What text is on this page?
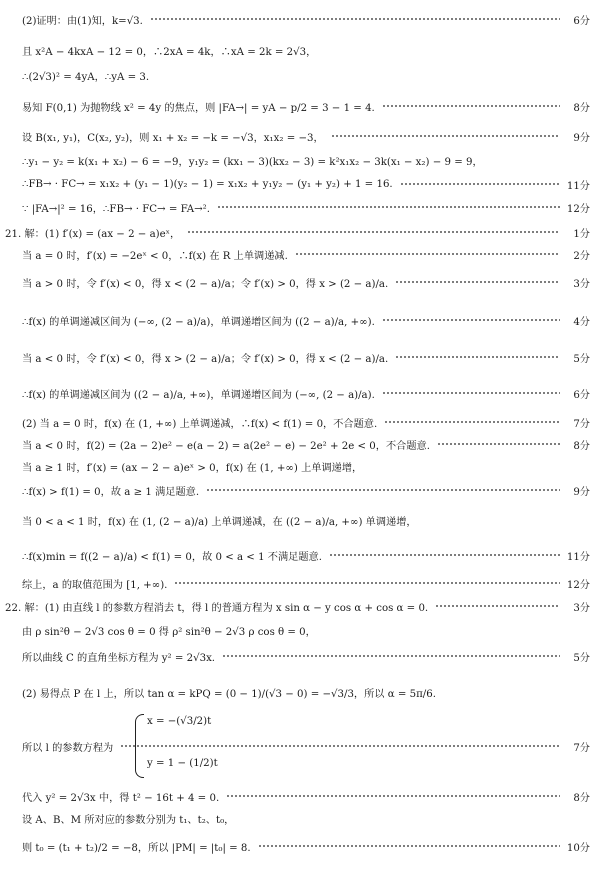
(2)证明：由(1)知，k=√3.	6分
且 x²A − 4kxA − 12 = 0，∴2xA = 4k，∴xA = 2k = 2√3，
∴(2√3)² = 4yA，∴yA = 3.
易知 F(0,1) 为抛物线 x² = 4y 的焦点，则 |FA→| = yA − p/2 = 3 − 1 = 4.	8分
设 B(x₁, y₁)，C(x₂, y₂)，则 x₁ + x₂ = −k = −√3，x₁x₂ = −3，	9分
∴y₁ − y₂ = k(x₁ + x₂) − 6 = −9，y₁y₂ = (kx₁ − 3)(kx₂ − 3) = k²x₁x₂ − 3k(x₁ − x₂) − 9 = 9，
∴FB→ · FC→ = x₁x₂ + (y₁ − 1)(y₂ − 1) = x₁x₂ + y₁y₂ − (y₁ + y₂) + 1 = 16.	11分
∵ |FA→|² = 16，∴FB→ · FC→ = FA→².	12分
21. 解：(1) f′(x) = (ax − 2 − a)eˣ，	1分
当 a = 0 时，f′(x) = −2eˣ < 0，∴f(x) 在 R 上单调递减.	2分
当 a > 0 时，令 f′(x) < 0，得 x < (2 − a)/a；令 f′(x) > 0，得 x > (2 − a)/a.	3分
∴f(x) 的单调递减区间为 (−∞, (2 − a)/a)，单调递增区间为 ((2 − a)/a, +∞).	4分
当 a < 0 时，令 f′(x) < 0，得 x > (2 − a)/a；令 f′(x) > 0，得 x < (2 − a)/a.	5分
∴f(x) 的单调递减区间为 ((2 − a)/a, +∞)，单调递增区间为 (−∞, (2 − a)/a).	6分
(2) 当 a = 0 时，f(x) 在 (1, +∞) 上单调递减，∴f(x) < f(1) = 0，不合题意.	7分
当 a < 0 时，f(2) = (2a − 2)e² − e(a − 2) = a(2e² − e) − 2e² + 2e < 0，不合题意.	8分
当 a ≥ 1 时，f′(x) = (ax − 2 − a)eˣ > 0，f(x) 在 (1, +∞) 上单调递增，
∴f(x) > f(1) = 0，故 a ≥ 1 满足题意.	9分
当 0 < a < 1 时，f(x) 在 (1, (2 − a)/a) 上单调递减，在 ((2 − a)/a, +∞) 单调递增，
∴f(x)min = f((2 − a)/a) < f(1) = 0，故 0 < a < 1 不满足题意.	11分
综上，a 的取值范围为 [1, +∞).	12分
22. 解：(1) 由直线 l 的参数方程消去 t，得 l 的普通方程为 x sin α − y cos α + cos α = 0.	3分
由 ρ sin²θ − 2√3 cos θ = 0 得 ρ² sin²θ − 2√3 ρ cos θ = 0，
所以曲线 C 的直角坐标方程为 y² = 2√3x.	5分
(2) 易得点 P 在 l 上，所以 tan α = kPQ = (0 − 1)/(√3 − 0) = −√3/3，所以 α = 5π/6.
所以 l 的参数方程为	7分
代入 y² = 2√3x 中，得 t² − 16t + 4 = 0.	8分
设 A、B、M 所对应的参数分别为 t₁、t₂、t₀，
则 t₀ = (t₁ + t₂)/2 = −8，所以 |PM| = |t₀| = 8.	10分
x = −(√3/2)t
y = 1 − (1/2)t
